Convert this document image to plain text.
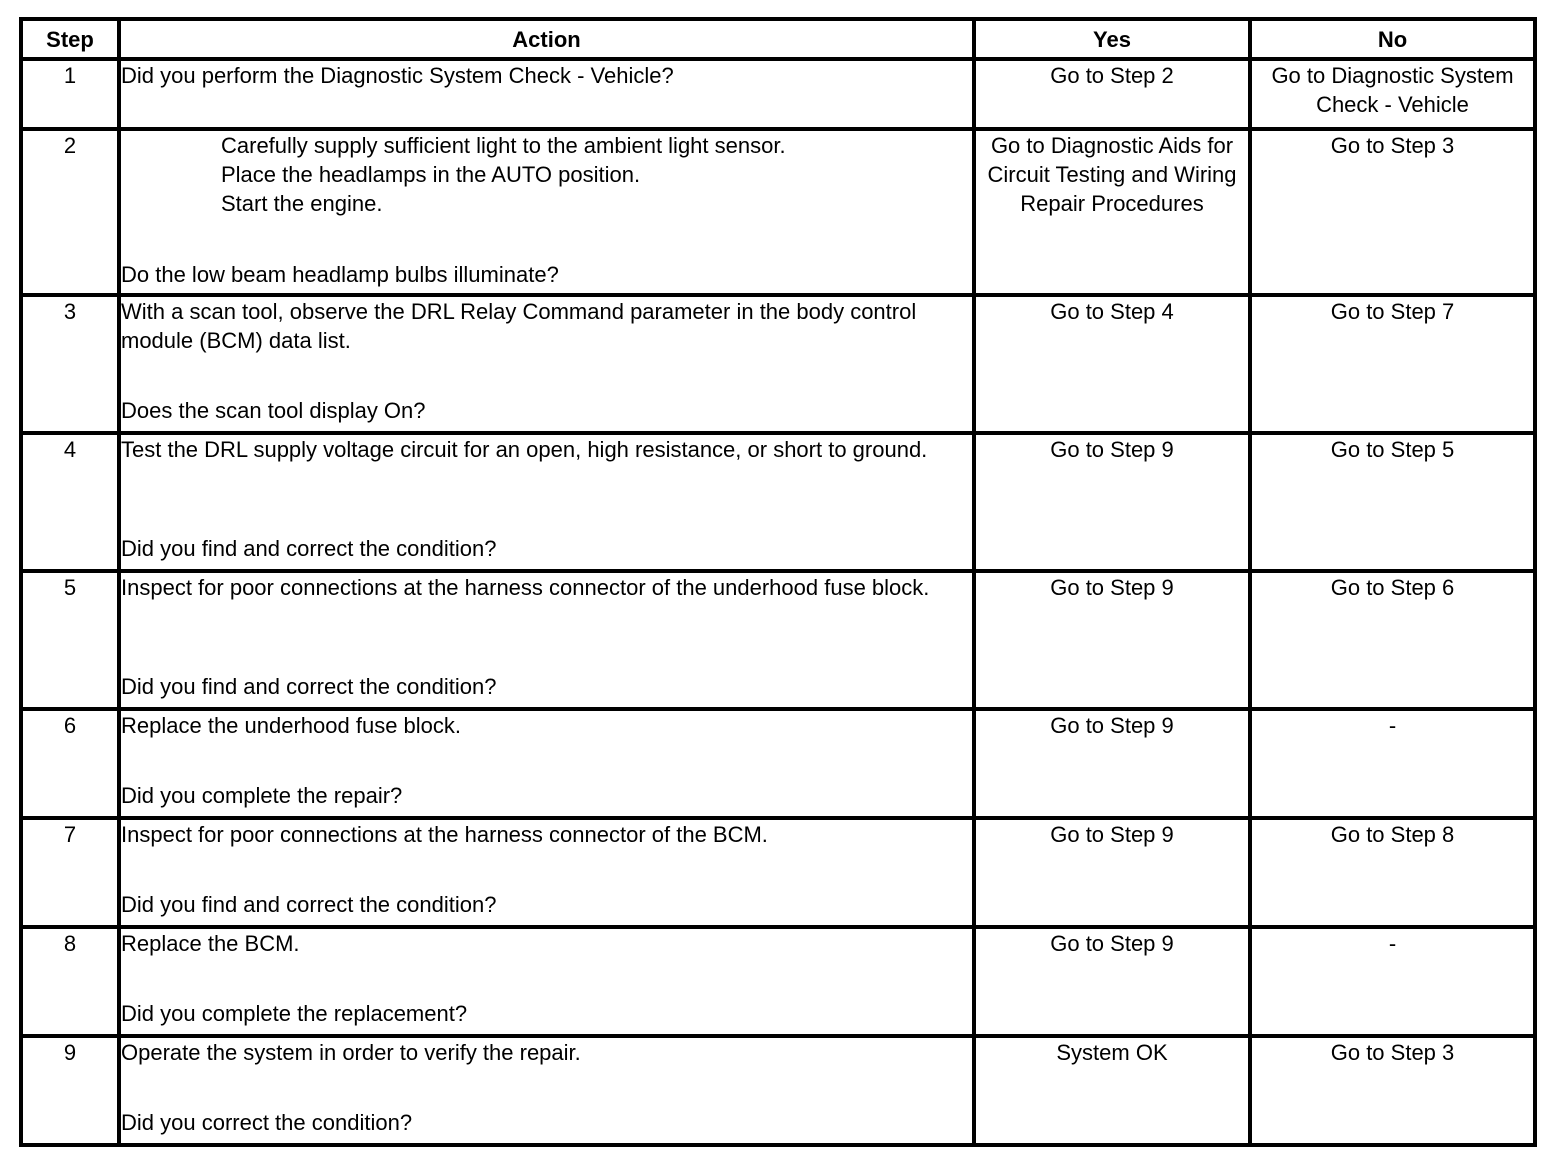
Step	Action	Yes	No
1	Did you perform the Diagnostic System Check - Vehicle?	Go to Step 2	Go to Diagnostic System Check - Vehicle
2	Carefully supply sufficient light to the ambient light sensor.
Place the headlamps in the AUTO position.
Start the engine.
Do the low beam headlamp bulbs illuminate?	Go to Diagnostic Aids for Circuit Testing and Wiring Repair Procedures	Go to Step 3
3	With a scan tool, observe the DRL Relay Command parameter in the body control module (BCM) data list.
Does the scan tool display On?	Go to Step 4	Go to Step 7
4	Test the DRL supply voltage circuit for an open, high resistance, or short to ground.
Did you find and correct the condition?	Go to Step 9	Go to Step 5
5	Inspect for poor connections at the harness connector of the underhood fuse block.
Did you find and correct the condition?	Go to Step 9	Go to Step 6
6	Replace the underhood fuse block.
Did you complete the repair?	Go to Step 9	-
7	Inspect for poor connections at the harness connector of the BCM.
Did you find and correct the condition?	Go to Step 9	Go to Step 8
8	Replace the BCM.
Did you complete the replacement?	Go to Step 9	-
9	Operate the system in order to verify the repair.
Did you correct the condition?	System OK	Go to Step 3
